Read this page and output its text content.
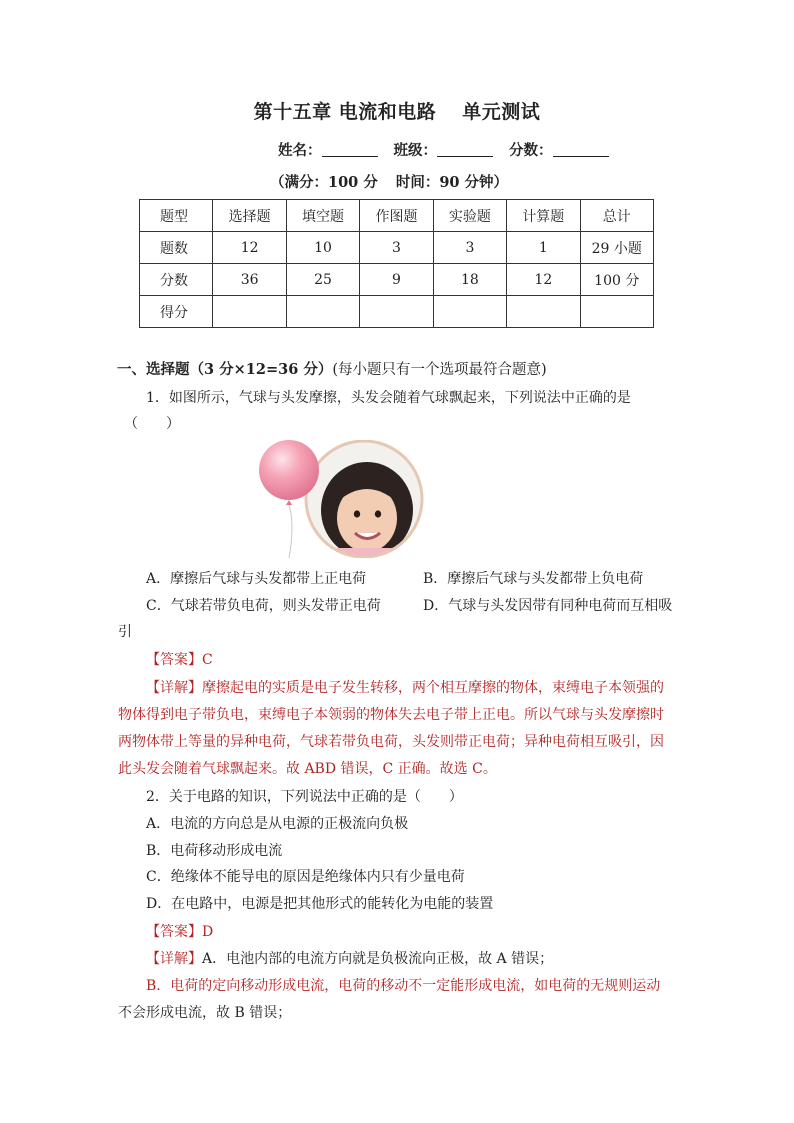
第十五章 电流和电路 单元测试
姓名：	班级：	分数：
（满分：100 分 时间：90 分钟）
题型	选择题	填空题	作图题	实验题	计算题	总计
题数	12	10	3	3	1	29 小题
分数	36	25	9	18	12	100 分
得分						
一、选择题（3 分×12=36 分）(每小题只有一个选项最符合题意)
1．如图所示，气球与头发摩擦，头发会随着气球飘起来，下列说法中正确的是
（　　）
A．摩擦后气球与头发都带上正电荷	B．摩擦后气球与头发都带上负电荷
C．气球若带负电荷，则头发带正电荷	D．气球与头发因带有同种电荷而互相吸
引
【答案】C
【详解】摩擦起电的实质是电子发生转移，两个相互摩擦的物体，束缚电子本领强的
物体得到电子带负电，束缚电子本领弱的物体失去电子带上正电。所以气球与头发摩擦时
两物体带上等量的异种电荷，气球若带负电荷，头发则带正电荷；异种电荷相互吸引，因
此头发会随着气球飘起来。故 ABD 错误，C 正确。故选 C。
2．关于电路的知识，下列说法中正确的是（　　）
A．电流的方向总是从电源的正极流向负极
B．电荷移动形成电流
C．绝缘体不能导电的原因是绝缘体内只有少量电荷
D．在电路中，电源是把其他形式的能转化为电能的装置
【答案】D
【详解】A．电池内部的电流方向就是负极流向正极，故 A 错误；
B．电荷的定向移动形成电流，电荷的移动不一定能形成电流，如电荷的无规则运动
不会形成电流，故 B 错误；
